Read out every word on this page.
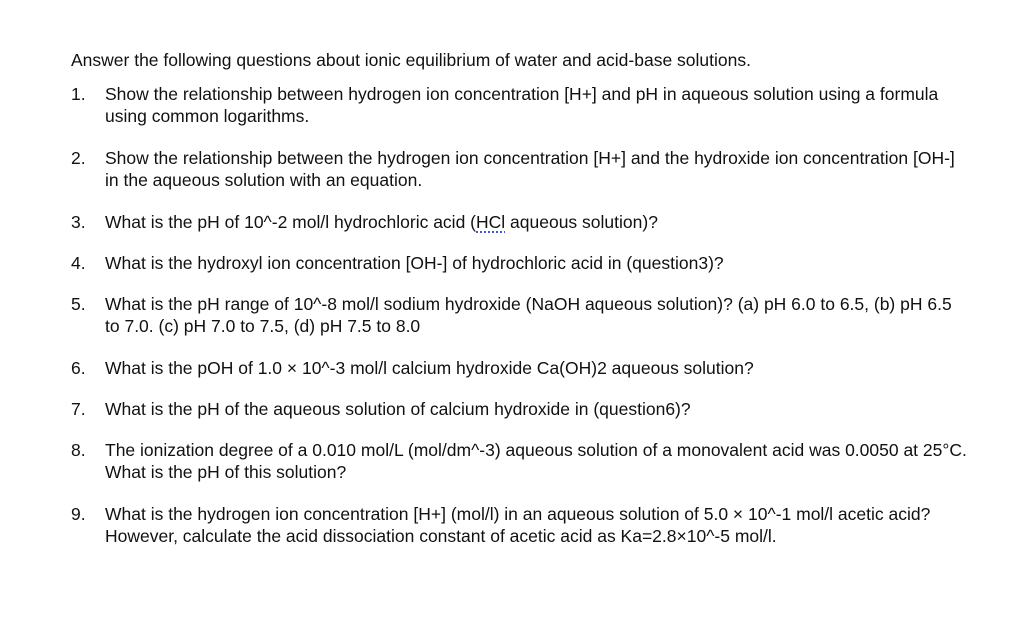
Answer the following questions about ionic equilibrium of water and acid-base solutions.

1. Show the relationship between hydrogen ion concentration [H+] and pH in aqueous solution using a formula using common logarithms.
2. Show the relationship between the hydrogen ion concentration [H+] and the hydroxide ion concentration [OH-] in the aqueous solution with an equation.
3. What is the pH of 10^-2 mol/l hydrochloric acid (HCl aqueous solution)?
4. What is the hydroxyl ion concentration [OH-] of hydrochloric acid in (question3)?
5. What is the pH range of 10^-8 mol/l sodium hydroxide (NaOH aqueous solution)? (a) pH 6.0 to 6.5, (b) pH 6.5 to 7.0. (c) pH 7.0 to 7.5, (d) pH 7.5 to 8.0
6. What is the pOH of 1.0 × 10^-3 mol/l calcium hydroxide Ca(OH)2 aqueous solution?
7. What is the pH of the aqueous solution of calcium hydroxide in (question6)?
8. The ionization degree of a 0.010 mol/L (mol/dm^-3) aqueous solution of a monovalent acid was 0.0050 at 25°C. What is the pH of this solution?
9. What is the hydrogen ion concentration [H+] (mol/l) in an aqueous solution of 5.0 × 10^-1 mol/l acetic acid? However, calculate the acid dissociation constant of acetic acid as Ka=2.8×10^-5 mol/l.
